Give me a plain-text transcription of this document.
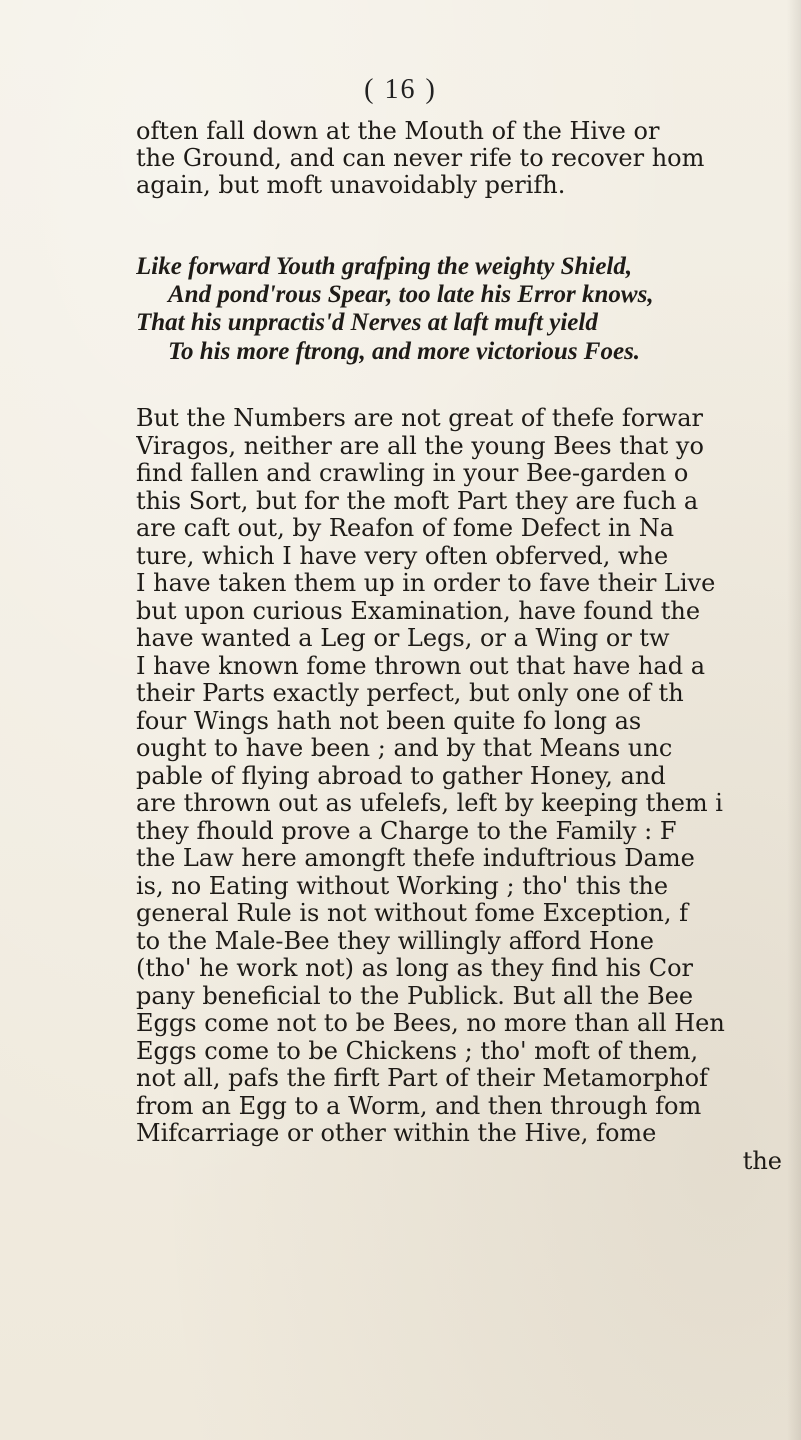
( 16 )
often fall down at the Mouth of the Hive or
the Ground, and can never rife to recover hom
again, but moft unavoidably perifh.
Like forward Youth grafping the weighty Shield,
And pond'rous Spear, too late his Error knows,
That his unpractis'd Nerves at laft muft yield
To his more ftrong, and more victorious Foes.
But the Numbers are not great of thefe forwar
Viragos, neither are all the young Bees that yo
find fallen and crawling in your Bee-garden o
this Sort, but for the moft Part they are fuch a
are caft out, by Reafon of fome Defect in Na
ture, which I have very often obferved, whe
I have taken them up in order to fave their Live
but upon curious Examination, have found the
have wanted a Leg or Legs, or a Wing or tw
I have known fome thrown out that have had a
their Parts exactly perfect, but only one of th
four Wings hath not been quite fo long as
ought to have been ; and by that Means unc
pable of flying abroad to gather Honey, and
are thrown out as ufelefs, left by keeping them i
they fhould prove a Charge to the Family : F
the Law here amongft thefe induftrious Dame
is, no Eating without Working ; tho' this the
general Rule is not without fome Exception, f
to the Male-Bee they willingly afford Hone
(tho' he work not) as long as they find his Cor
pany beneficial to the Publick. But all the Bee
Eggs come not to be Bees, no more than all Hen
Eggs come to be Chickens ; tho' moft of them,
not all, pafs the firft Part of their Metamorphof
from an Egg to a Worm, and then through fom
Mifcarriage or other within the Hive, fome
the
